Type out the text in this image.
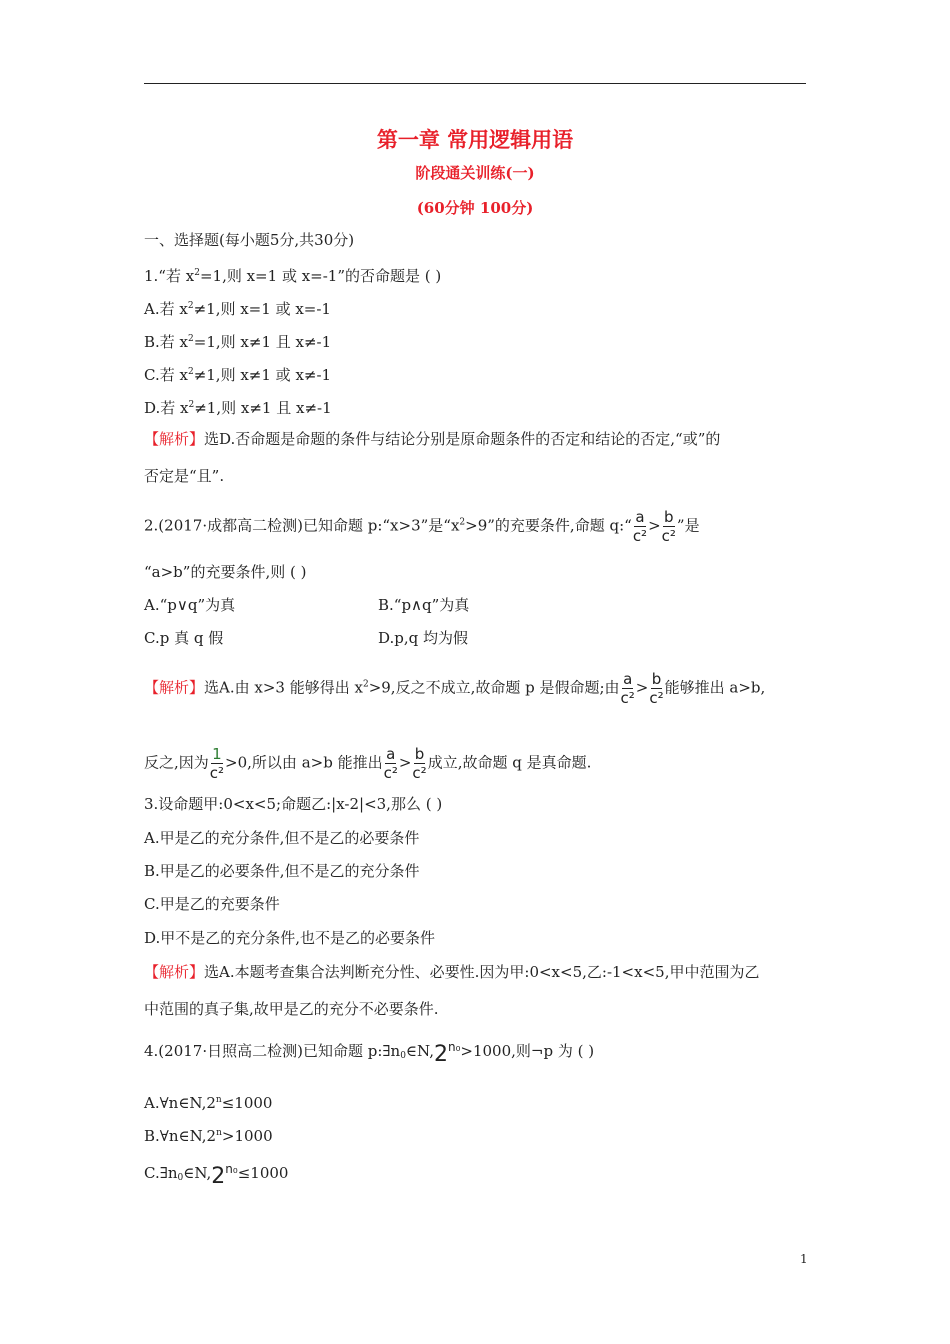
第一章 常用逻辑用语
阶段通关训练(一)
(60分钟 100分)
一、选择题(每小题5分,共30分)
1.“若 $x^2=1$,则 x=1 或 x=-1”的否命题是 ( )
A.若 $x^2\ne 1$,则 x=1 或 x=-1
B.若 $x^2=1$,则 x≠1 且 x≠-1
C.若 $x^2\ne 1$,则 x≠1 或 x≠-1
D.若 $x^2\ne 1$,则 x≠1 且 x≠-1
【解析】选D.否命题是命题的条件与结论分别是原命题条件的否定和结论的否定,“或”的
否定是“且”.
2.(2017·成都高二检测)已知命题 p:“x>3”是“$x^2>9$”的充要条件,命题 q:“ $\frac{a}{\text{c²}} > \frac{b}{\text{c²}}$ ”是
“a>b”的充要条件,则 ( )
A.“p∨q”为真	B.“p∧q”为真
C.p 真 q 假	D.p,q 均为假
【解析】选A.由 x>3 能够得出 $x^2>9$,反之不成立,故命题 p 是假命题;由 $\frac{a}{\text{c²}} > \frac{b}{\text{c²}}$ 能够推出 a>b,
反之,因为 $\frac{1}{\text{c²}} >0$,所以由 a>b 能推出 $\frac{a}{\text{c²}} > \frac{b}{\text{c²}}$ 成立,故命题 q 是真命题.
3.设命题甲:0<x<5;命题乙:|x-2|<3,那么 ( )
A.甲是乙的充分条件,但不是乙的必要条件
B.甲是乙的必要条件,但不是乙的充分条件
C.甲是乙的充要条件
D.甲不是乙的充分条件,也不是乙的必要条件
【解析】选A.本题考查集合法判断充分性、必要性.因为甲:0<x<5,乙:-1<x<5,甲中范围为乙
中范围的真子集,故甲是乙的充分不必要条件.
4.(2017·日照高二检测)已知命题 $p:\exists n0\in N,2^{n_0}>1000$,则¬p 为 ( )
$A.\forall n\in N,2^n\le 1000$
$B.\forall n\in N,2^n>1000$
$C.\exists n0\in N,2^{n_0}\le 1000$
1
